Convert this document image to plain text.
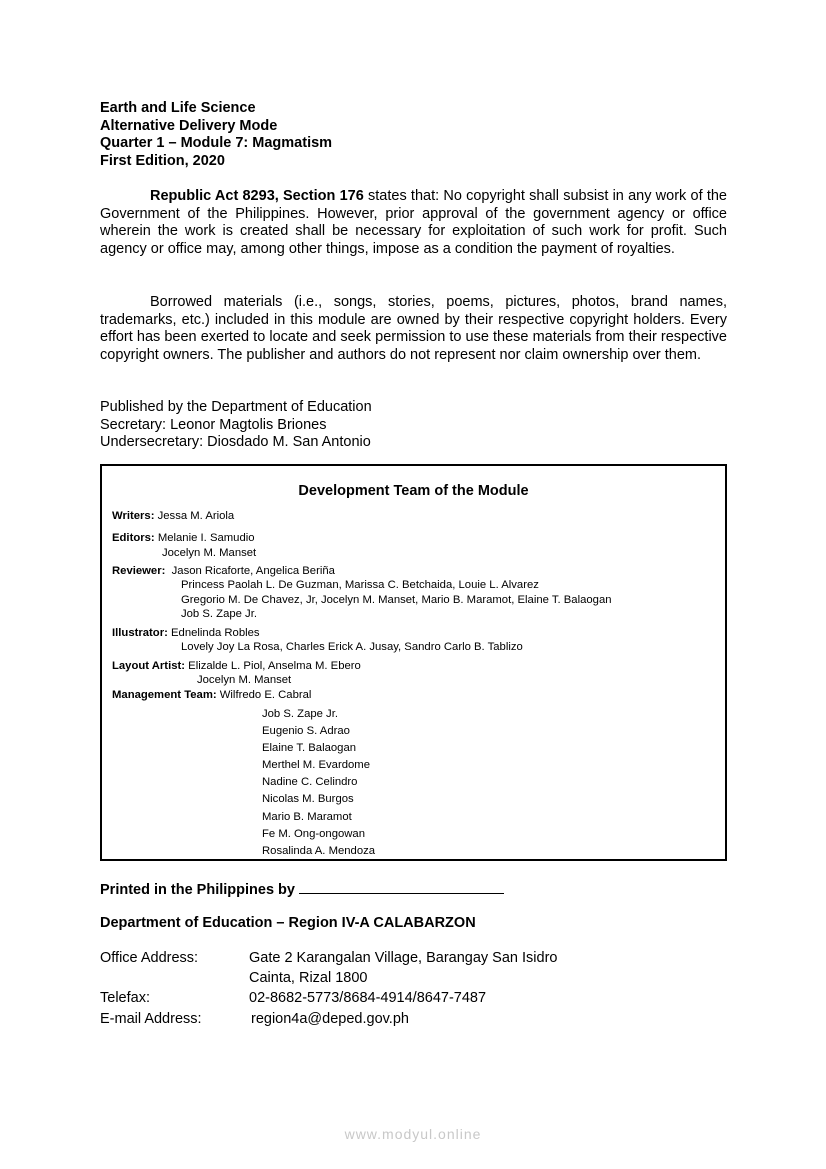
Earth and Life Science
Alternative Delivery Mode
Quarter 1 – Module 7: Magmatism
First Edition, 2020

Republic Act 8293, Section 176 states that: No copyright shall subsist in any work of the Government of the Philippines. However, prior approval of the government agency or office wherein the work is created shall be necessary for exploitation of such work for profit. Such agency or office may, among other things, impose as a condition the payment of royalties.

Borrowed materials (i.e., songs, stories, poems, pictures, photos, brand names, trademarks, etc.) included in this module are owned by their respective copyright holders. Every effort has been exerted to locate and seek permission to use these materials from their respective copyright owners. The publisher and authors do not represent nor claim ownership over them.

Published by the Department of Education
Secretary: Leonor Magtolis Briones
Undersecretary: Diosdado M. San Antonio
Development Team of the Module
Writers: Jessa M. Ariola
Editors: Melanie I. Samudio
Jocelyn M. Manset
Reviewer:  Jason Ricaforte, Angelica Beriña
Princess Paolah L. De Guzman, Marissa C. Betchaida, Louie L. Alvarez
Gregorio M. De Chavez, Jr, Jocelyn M. Manset, Mario B. Maramot, Elaine T. Balaogan
Job S. Zape Jr.
Illustrator: Ednelinda Robles
Lovely Joy La Rosa, Charles Erick A. Jusay, Sandro Carlo B. Tablizo
Layout Artist: Elizalde L. Piol, Anselma M. Ebero
Jocelyn M. Manset
Management Team: Wilfredo E. Cabral
Job S. Zape Jr.
Eugenio S. Adrao
Elaine T. Balaogan
Merthel M. Evardome
Nadine C. Celindro
Nicolas M. Burgos
Mario B. Maramot
Fe M. Ong-ongowan
Rosalinda A. Mendoza
Printed in the Philippines by
Department of Education – Region IV-A CALABARZON
Office Address:	Gate 2 Karangalan Village, Barangay San Isidro
Cainta, Rizal 1800
Telefax:	02-8682-5773/8684-4914/8647-7487
E-mail Address:	region4a@deped.gov.ph
www.modyul.online
